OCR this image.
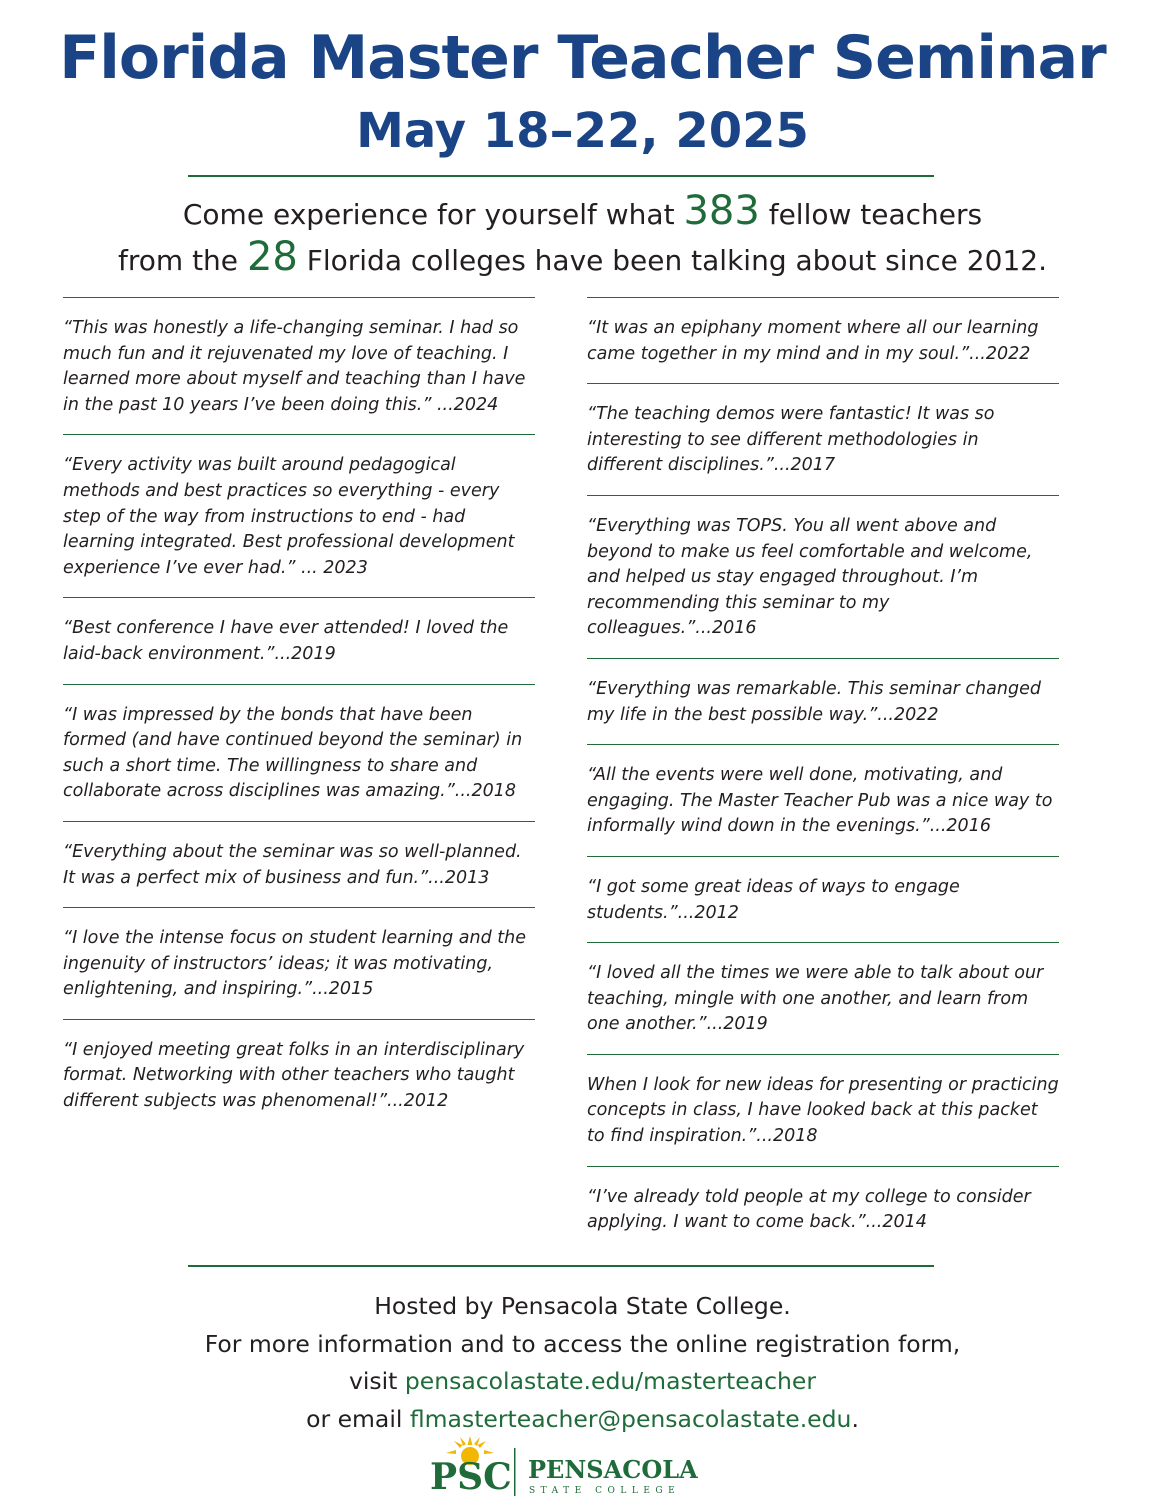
Florida Master Teacher Seminar
May 18–22, 2025
Come experience for yourself what 383 fellow teachers
from the 28 Florida colleges have been talking about since 2012.
“This was honestly a life-changing seminar. I had so much fun and it rejuvenated my love of teaching. I learned more about myself and teaching than I have in the past 10 years I’ve been doing this.” ...2024
“Every activity was built around pedagogical methods and best practices so everything - every step of the way from instructions to end - had learning integrated. Best professional development experience I’ve ever had.” ... 2023
“Best conference I have ever attended! I loved the laid-back environment.”...2019
“I was impressed by the bonds that have been formed (and have continued beyond the seminar) in such a short time. The willingness to share and collaborate across disciplines was amazing.”...2018
“Everything about the seminar was so well-planned. It was a perfect mix of business and fun.”...2013
“I love the intense focus on student learning and the ingenuity of instructors’ ideas; it was motivating, enlightening, and inspiring.”...2015
“I enjoyed meeting great folks in an interdisciplinary format. Networking with other teachers who taught different subjects was phenomenal!”...2012
“It was an epiphany moment where all our learning came together in my mind and in my soul.”...2022
“The teaching demos were fantastic! It was so interesting to see different methodologies in different disciplines.”...2017
“Everything was TOPS. You all went above and beyond to make us feel comfortable and welcome, and helped us stay engaged throughout. I’m recommending this seminar to my colleagues.”...2016
“Everything was remarkable. This seminar changed my life in the best possible way.”...2022
“All the events were well done, motivating, and engaging. The Master Teacher Pub was a nice way to informally wind down in the evenings.”...2016
“I got some great ideas of ways to engage students.”...2012
“I loved all the times we were able to talk about our teaching, mingle with one another, and learn from one another.”...2019
When I look for new ideas for presenting or practicing concepts in class, I have looked back at this packet to find inspiration.”...2018
“I’ve already told people at my college to consider applying. I want to come back.”...2014
Hosted by Pensacola State College.
For more information and to access the online registration form,
visit pensacolastate.edu/masterteacher
or email flmasterteacher@pensacolastate.edu.
PSC PENSACOLA
STATE COLLEGE
